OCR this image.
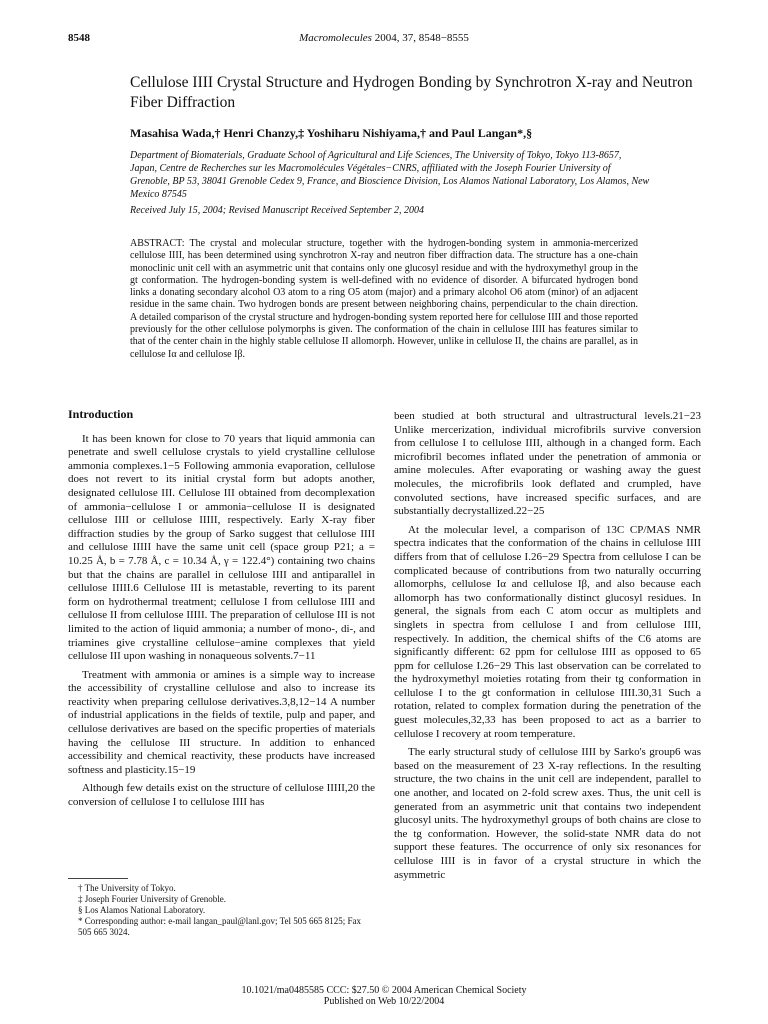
8548	Macromolecules 2004, 37, 8548−8555
Cellulose IIII Crystal Structure and Hydrogen Bonding by Synchrotron X-ray and Neutron Fiber Diffraction
Masahisa Wada,† Henri Chanzy,‡ Yoshiharu Nishiyama,† and Paul Langan*,§
Department of Biomaterials, Graduate School of Agricultural and Life Sciences, The University of Tokyo, Tokyo 113-8657, Japan, Centre de Recherches sur les Macromolécules Végétales−CNRS, affiliated with the Joseph Fourier University of Grenoble, BP 53, 38041 Grenoble Cedex 9, France, and Bioscience Division, Los Alamos National Laboratory, Los Alamos, New Mexico 87545
Received July 15, 2004; Revised Manuscript Received September 2, 2004
ABSTRACT: The crystal and molecular structure, together with the hydrogen-bonding system in ammonia-mercerized cellulose IIII, has been determined using synchrotron X-ray and neutron fiber diffraction data. The structure has a one-chain monoclinic unit cell with an asymmetric unit that contains only one glucosyl residue and with the hydroxymethyl group in the gt conformation. The hydrogen-bonding system is well-defined with no evidence of disorder. A bifurcated hydrogen bond links a donating secondary alcohol O3 atom to a ring O5 atom (major) and a primary alcohol O6 atom (minor) of an adjacent residue in the same chain. Two hydrogen bonds are present between neighboring chains, perpendicular to the chain direction. A detailed comparison of the crystal structure and hydrogen-bonding system reported here for cellulose IIII and those reported previously for the other cellulose polymorphs is given. The conformation of the chain in cellulose IIII has features similar to that of the center chain in the highly stable cellulose II allomorph. However, unlike in cellulose II, the chains are parallel, as in cellulose Iα and cellulose Iβ.
Introduction

It has been known for close to 70 years that liquid ammonia can penetrate and swell cellulose crystals to yield crystalline cellulose ammonia complexes.1−5 Following ammonia evaporation, cellulose does not revert to its initial crystal form but adopts another, designated cellulose III. Cellulose III obtained from decomplexation of ammonia−cellulose I or ammonia−cellulose II is designated cellulose IIII or cellulose IIIII, respectively. Early X-ray fiber diffraction studies by the group of Sarko suggest that cellulose IIII and cellulose IIIII have the same unit cell (space group P21; a = 10.25 Å, b = 7.78 Å, c = 10.34 Å, γ = 122.4°) containing two chains but that the chains are parallel in cellulose IIII and antiparallel in cellulose IIIII.6 Cellulose III is metastable, reverting to its parent form on hydrothermal treatment; cellulose I from cellulose IIII and cellulose II from cellulose IIIII. The preparation of cellulose III is not limited to the action of liquid ammonia; a number of mono-, di-, and triamines give crystalline cellulose−amine complexes that yield cellulose III upon washing in nonaqueous solvents.7−11

Treatment with ammonia or amines is a simple way to increase the accessibility of crystalline cellulose and also to increase its reactivity when preparing cellulose derivatives.3,8,12−14 A number of industrial applications in the fields of textile, pulp and paper, and cellulose derivatives are based on the specific properties of materials having the cellulose III structure. In addition to enhanced accessibility and chemical reactivity, these products have increased softness and plasticity.15−19

Although few details exist on the structure of cellulose IIIII,20 the conversion of cellulose I to cellulose IIII has

been studied at both structural and ultrastructural levels.21−23 Unlike mercerization, individual microfibrils survive conversion from cellulose I to cellulose IIII, although in a changed form. Each microfibril becomes inflated under the penetration of ammonia or amine molecules. After evaporating or washing away the guest molecules, the microfibrils look deflated and crumpled, have convoluted sections, have increased specific surfaces, and are substantially decrystallized.22−25

At the molecular level, a comparison of 13C CP/MAS NMR spectra indicates that the conformation of the chains in cellulose IIII differs from that of cellulose I.26−29 Spectra from cellulose I can be complicated because of contributions from two naturally occurring allomorphs, cellulose Iα and cellulose Iβ, and also because each allomorph has two conformationally distinct glucosyl residues. In general, the signals from each C atom occur as multiplets and singlets in spectra from cellulose I and from cellulose IIII, respectively. In addition, the chemical shifts of the C6 atoms are significantly different: 62 ppm for cellulose IIII as opposed to 65 ppm for cellulose I.26−29 This last observation can be correlated to the hydroxymethyl moieties rotating from their tg conformation in cellulose I to the gt conformation in cellulose IIII.30,31 Such a rotation, related to complex formation during the penetration of the guest molecules,32,33 has been proposed to act as a barrier to cellulose I recovery at room temperature.

The early structural study of cellulose IIII by Sarko's group6 was based on the measurement of 23 X-ray reflections. In the resulting structure, the two chains in the unit cell are independent, parallel to one another, and located on 2-fold screw axes. Thus, the unit cell is generated from an asymmetric unit that contains two independent glucosyl units. The hydroxymethyl groups of both chains are close to the tg conformation. However, the solid-state NMR data do not support these features. The occurrence of only six resonances for cellulose IIII is in favor of a crystal structure in which the asymmetric

† The University of Tokyo.
‡ Joseph Fourier University of Grenoble.
§ Los Alamos National Laboratory.
* Corresponding author: e-mail langan_paul@lanl.gov; Tel 505 665 8125; Fax 505 665 3024.
10.1021/ma0485585 CCC: $27.50 © 2004 American Chemical Society
Published on Web 10/22/2004
